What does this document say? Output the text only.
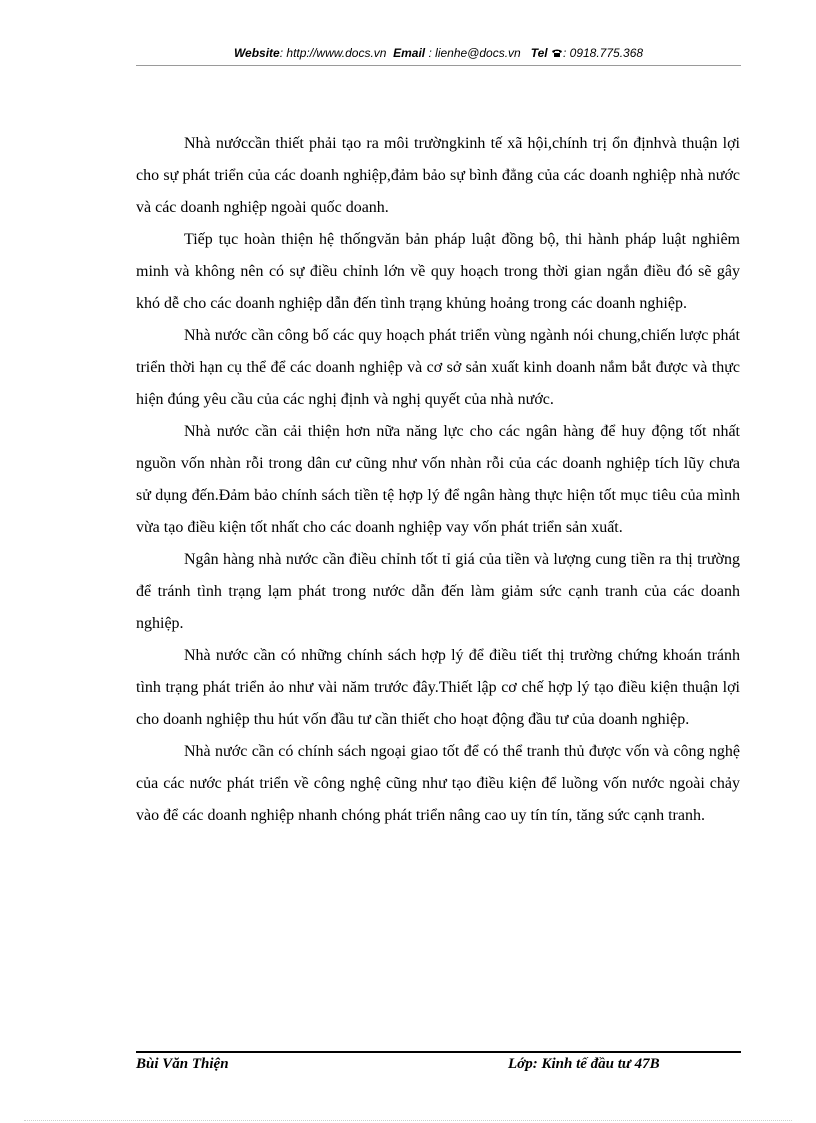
Website: http://www.docs.vn Email : lienhe@docs.vn Tel : 0918.775.368

Nhà nướccần thiết phải tạo ra môi trườngkinh tế xã hội,chính trị ổn địnhvà thuận lợi cho sự phát triển của các doanh nghiệp,đảm bảo sự bình đẳng của các doanh nghiệp nhà nước và các doanh nghiệp ngoài quốc doanh.

Tiếp tục hoàn thiện hệ thốngvăn bản pháp luật đồng bộ, thi hành pháp luật nghiêm minh và không nên có sự điều chỉnh lớn về quy hoạch trong thời gian ngắn điều đó sẽ gây khó dễ cho các doanh nghiệp dẫn đến tình trạng khủng hoảng trong các doanh nghiệp.

Nhà nước cần công bố các quy hoạch phát triển vùng ngành nói chung,chiến lược phát triển thời hạn cụ thể để các doanh nghiệp và cơ sở sản xuất kinh doanh nắm bắt được và thực hiện đúng yêu cầu của các nghị định và nghị quyết của nhà nước.

Nhà nước cần cải thiện hơn nữa năng lực cho các ngân hàng để huy động tốt nhất nguồn vốn nhàn rỗi trong dân cư cũng như vốn nhàn rỗi của các doanh nghiệp tích lũy chưa sử dụng đến.Đảm bảo chính sách tiền tệ hợp lý để ngân hàng thực hiện tốt mục tiêu của mình vừa tạo điều kiện tốt nhất cho các doanh nghiệp vay vốn phát triển sản xuất.

Ngân hàng nhà nước cần điều chỉnh tốt tỉ giá của tiền và lượng cung tiền ra thị trường để tránh tình trạng lạm phát trong nước dẫn đến làm giảm sức cạnh tranh của các doanh nghiệp.

Nhà nước cần có những chính sách hợp lý để điều tiết thị trường chứng khoán tránh tình trạng phát triển ảo như vài năm trước đây.Thiết lập cơ chế hợp lý tạo điều kiện thuận lợi cho doanh nghiệp thu hút vốn đầu tư cần thiết cho hoạt động đầu tư của doanh nghiệp.

Nhà nước cần có chính sách ngoại giao tốt để có thể tranh thủ được vốn và công nghệ của các nước phát triển về công nghệ cũng như tạo điều kiện để luồng vốn nước ngoài chảy vào để các doanh nghiệp nhanh chóng phát triển nâng cao uy tín tín, tăng sức cạnh tranh.

Bùi Văn Thiện	Lớp: Kinh tế đầu tư 47B
